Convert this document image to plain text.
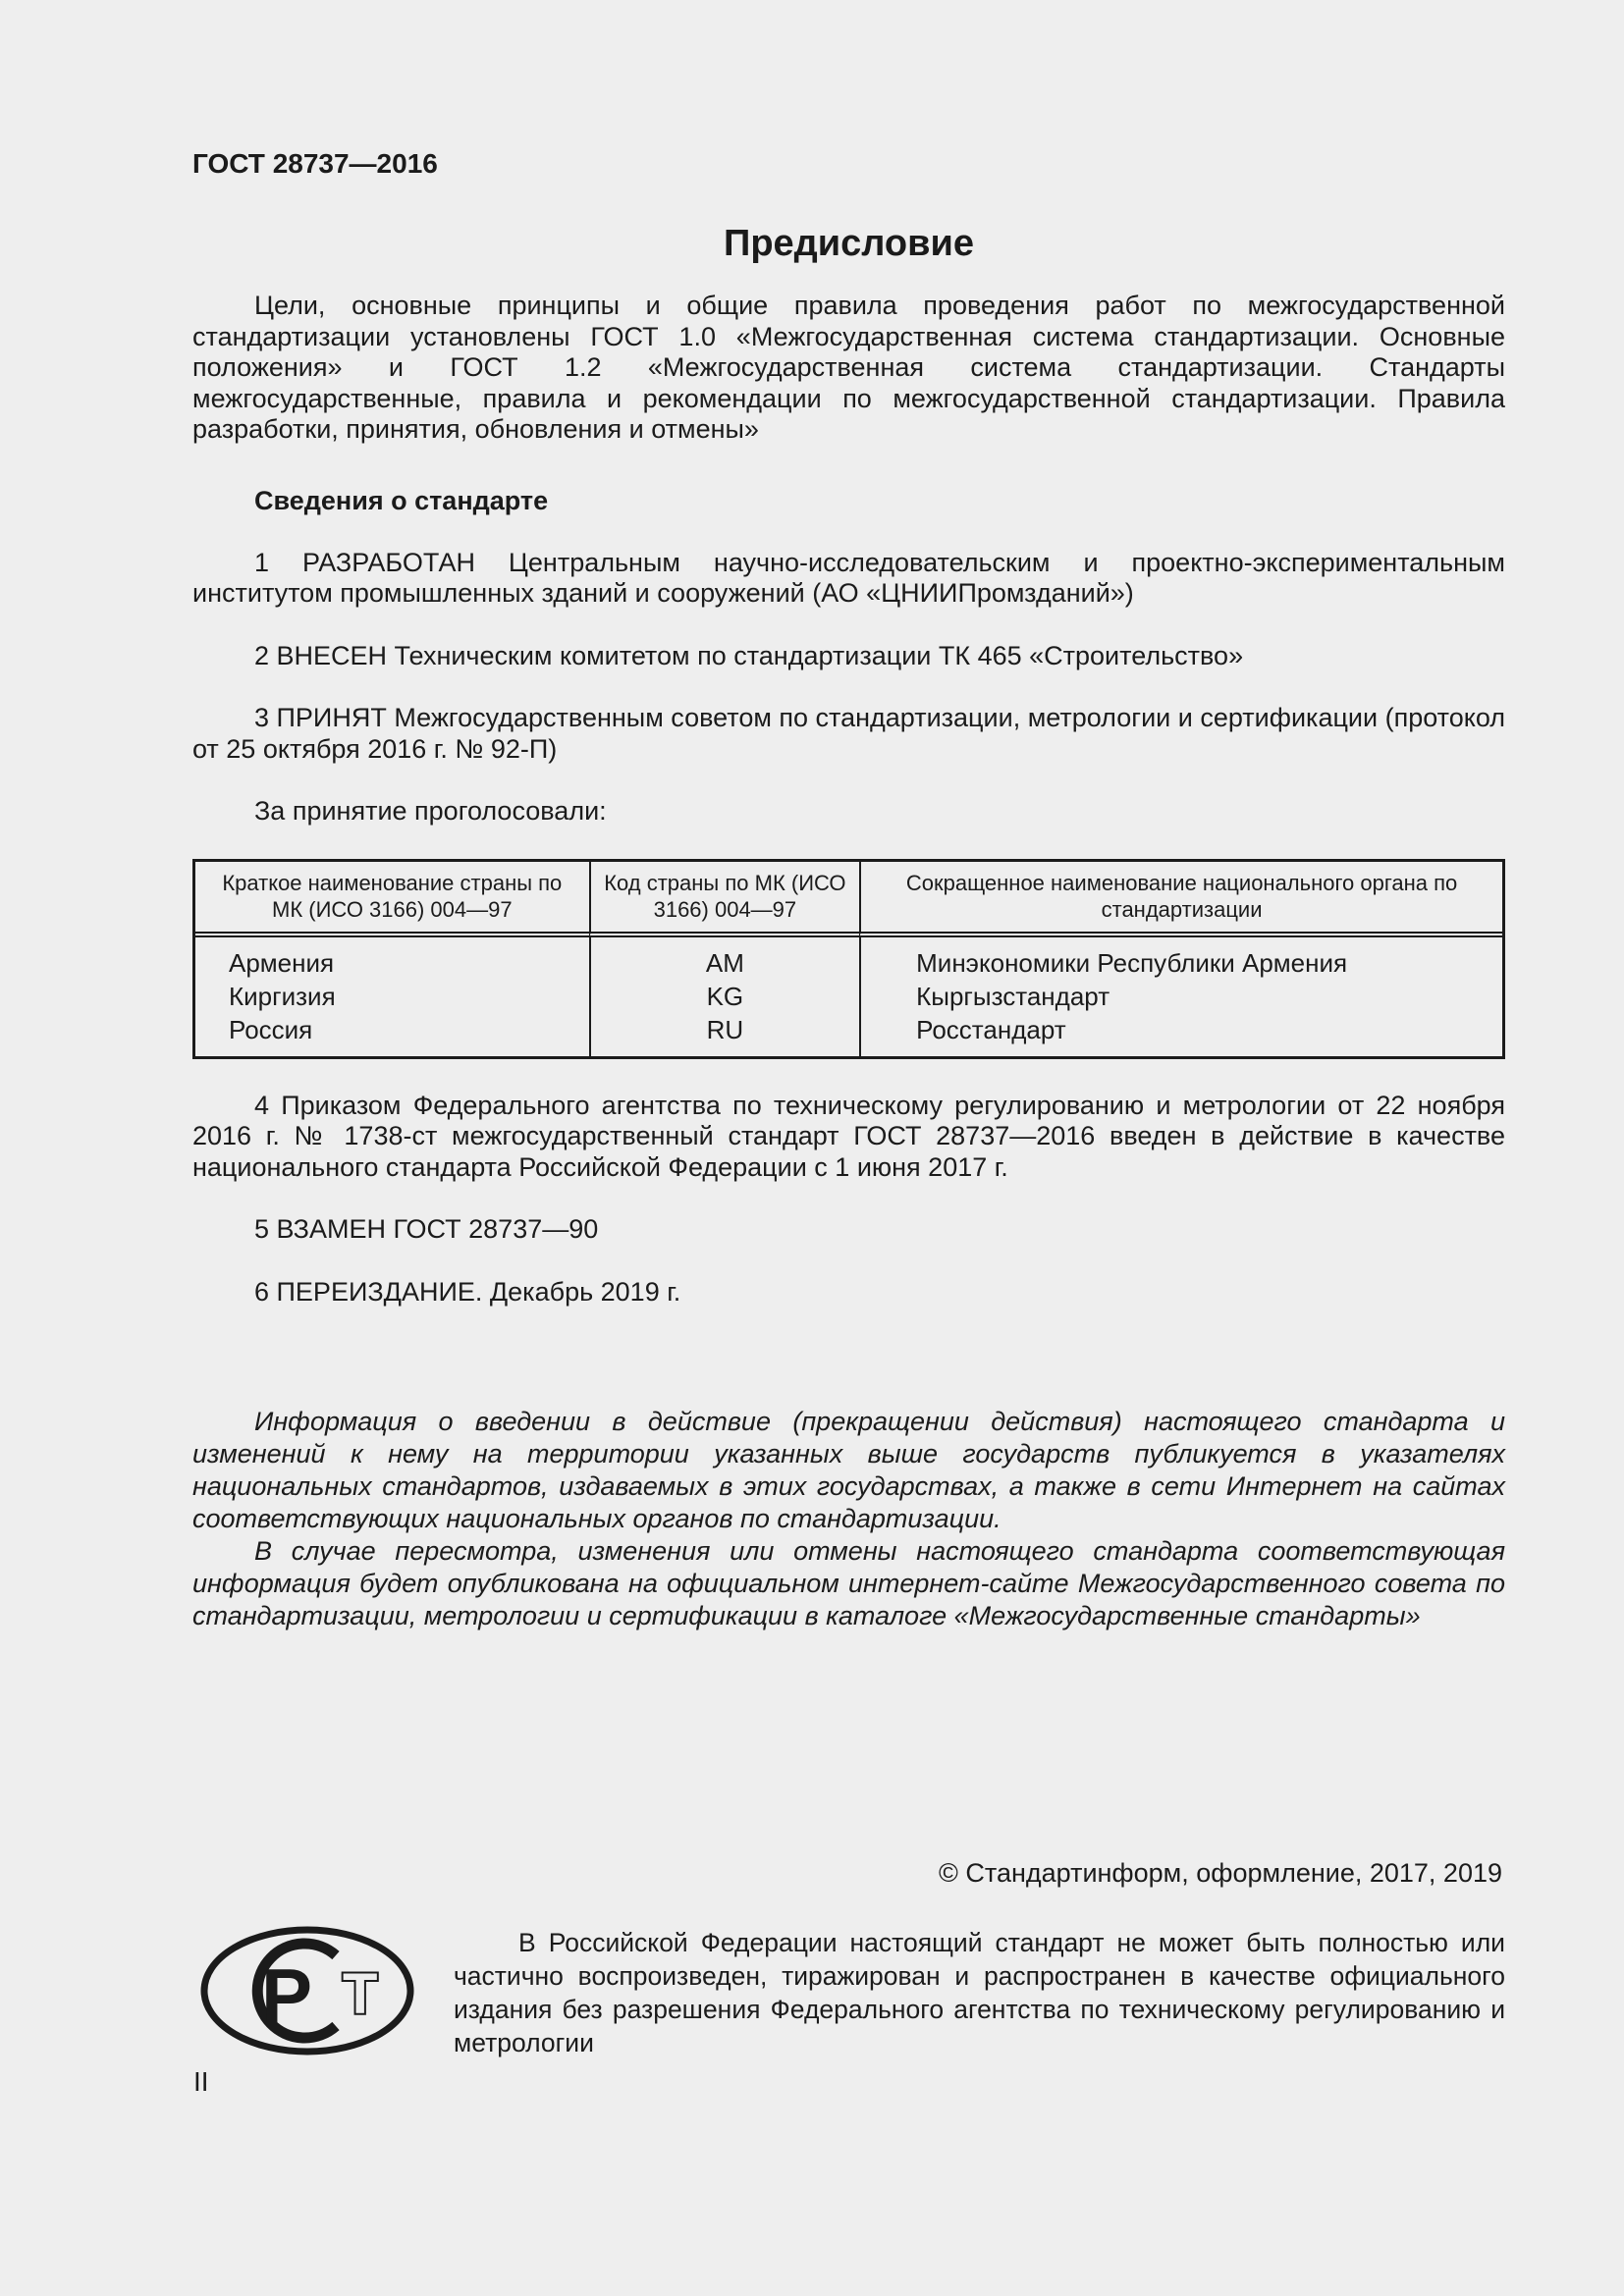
ГОСТ 28737—2016
Предисловие

Цели, основные принципы и общие правила проведения работ по межгосударственной стандартизации установлены ГОСТ 1.0 «Межгосударственная система стандартизации. Основные положения» и ГОСТ 1.2 «Межгосударственная система стандартизации. Стандарты межгосударственные, правила и рекомендации по межгосударственной стандартизации. Правила разработки, принятия, обновления и отмены»

Сведения о стандарте

1 РАЗРАБОТАН Центральным научно-исследовательским и проектно-экспериментальным институтом промышленных зданий и сооружений (АО «ЦНИИПромзданий»)

2 ВНЕСЕН Техническим комитетом по стандартизации ТК 465 «Строительство»

3 ПРИНЯТ Межгосударственным советом по стандартизации, метрологии и сертификации (протокол от 25 октября 2016 г. № 92-П)

За принятие проголосовали:

Краткое наименование страны по МК (ИСО 3166) 004—97	Код страны по МК (ИСО 3166) 004—97	Сокращенное наименование национального органа по стандартизации
Армения	AM	Минэкономики Республики Армения
Киргизия	KG	Кыргызстандарт
Россия	RU	Росстандарт

4 Приказом Федерального агентства по техническому регулированию и метрологии от 22 ноября 2016 г. № 1738-ст межгосударственный стандарт ГОСТ 28737—2016 введен в действие в качестве национального стандарта Российской Федерации с 1 июня 2017 г.

5 ВЗАМЕН ГОСТ 28737—90

6 ПЕРЕИЗДАНИЕ. Декабрь 2019 г.

Информация о введении в действие (прекращении действия) настоящего стандарта и изменений к нему на территории указанных выше государств публикуется в указателях национальных стандартов, издаваемых в этих государствах, а также в сети Интернет на сайтах соответствующих национальных органов по стандартизации.

В случае пересмотра, изменения или отмены настоящего стандарта соответствующая информация будет опубликована на официальном интернет-сайте Межгосударственного совета по стандартизации, метрологии и сертификации в каталоге «Межгосударственные стандарты»

© Стандартинформ, оформление, 2017, 2019
Р Т
В Российской Федерации настоящий стандарт не может быть полностью или частично воспроизведен, тиражирован и распространен в качестве официального издания без разрешения Федерального агентства по техническому регулированию и метрологии
II
